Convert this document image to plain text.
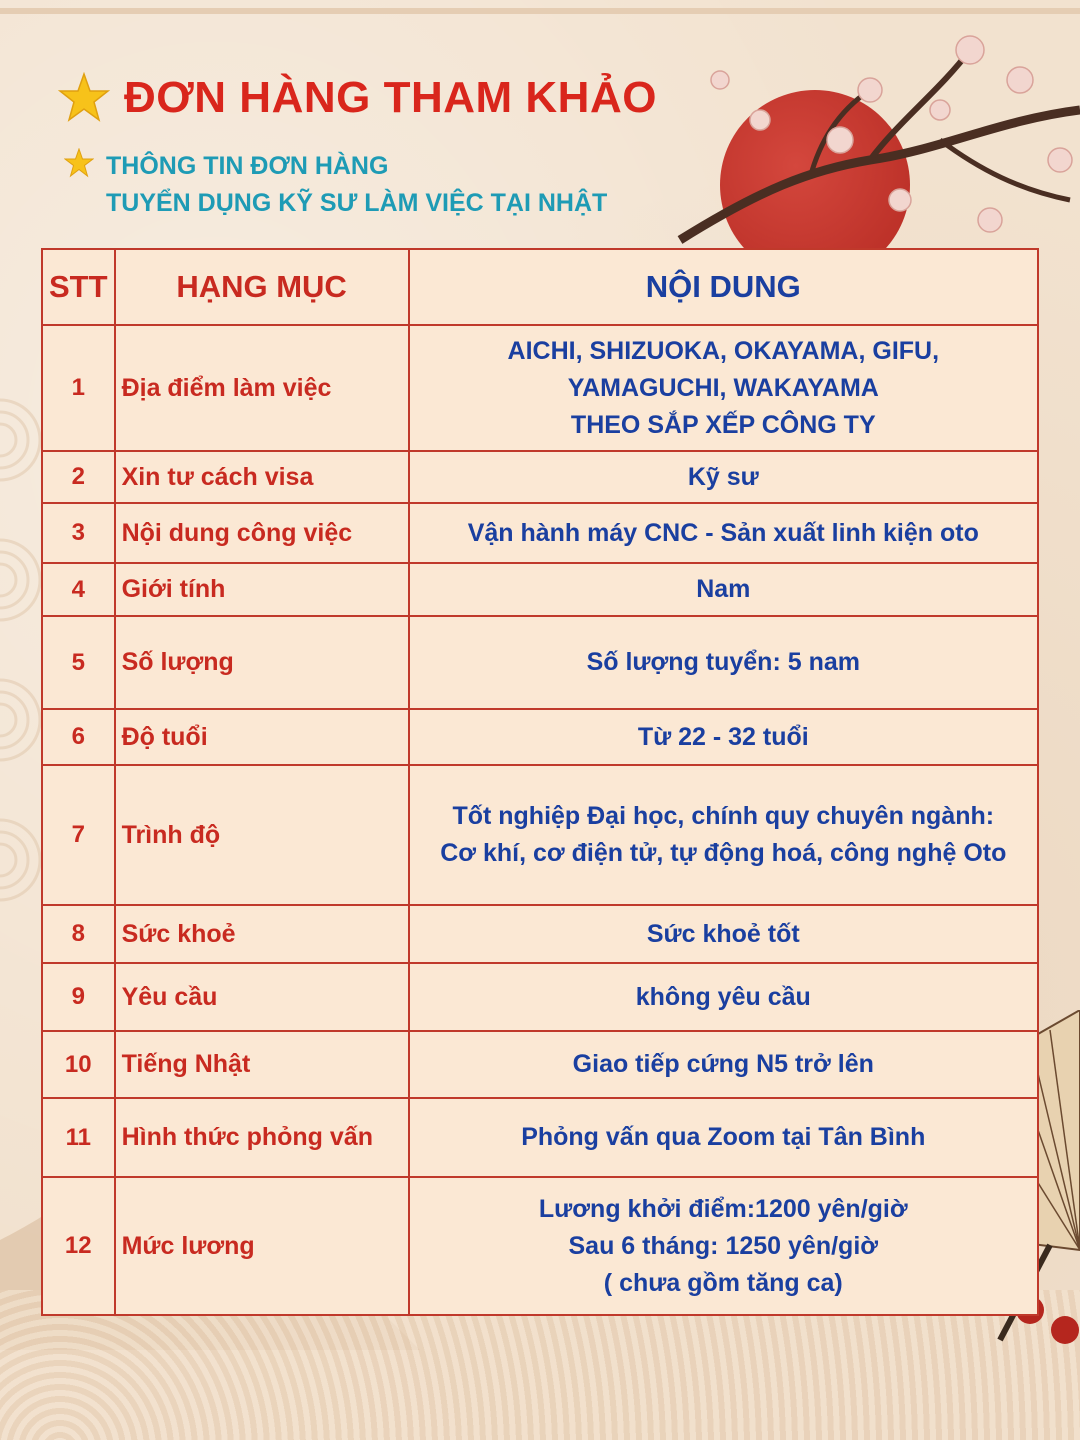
ĐƠN HÀNG THAM KHẢO
THÔNG TIN ĐƠN HÀNG
TUYỂN DỤNG KỸ SƯ LÀM VIỆC TẠI NHẬT
STT	HẠNG MỤC	NỘI DUNG
1	Địa điểm làm việc	AICHI, SHIZUOKA, OKAYAMA, GIFU,
YAMAGUCHI, WAKAYAMA
THEO SẮP XẾP CÔNG TY

2	Xin tư cách visa	Kỹ sư

3	Nội dung công việc	Vận hành máy CNC - Sản xuất linh kiện oto

4	Giới tính	Nam

5	Số lượng	Số lượng tuyển: 5 nam

6	Độ tuổi	Từ 22 - 32 tuổi

7	Trình độ	Tốt nghiệp Đại học, chính quy chuyên ngành:
Cơ khí, cơ điện tử, tự động hoá, công nghệ Oto

8	Sức khoẻ	Sức khoẻ tốt

9	Yêu cầu	không yêu cầu

10	Tiếng Nhật	Giao tiếp cứng N5 trở lên

11	Hình thức phỏng vấn	Phỏng vấn qua Zoom tại Tân Bình

12	Mức lương	Lương khởi điểm:1200 yên/giờ
Sau 6 tháng: 1250 yên/giờ
( chưa gồm tăng ca)
